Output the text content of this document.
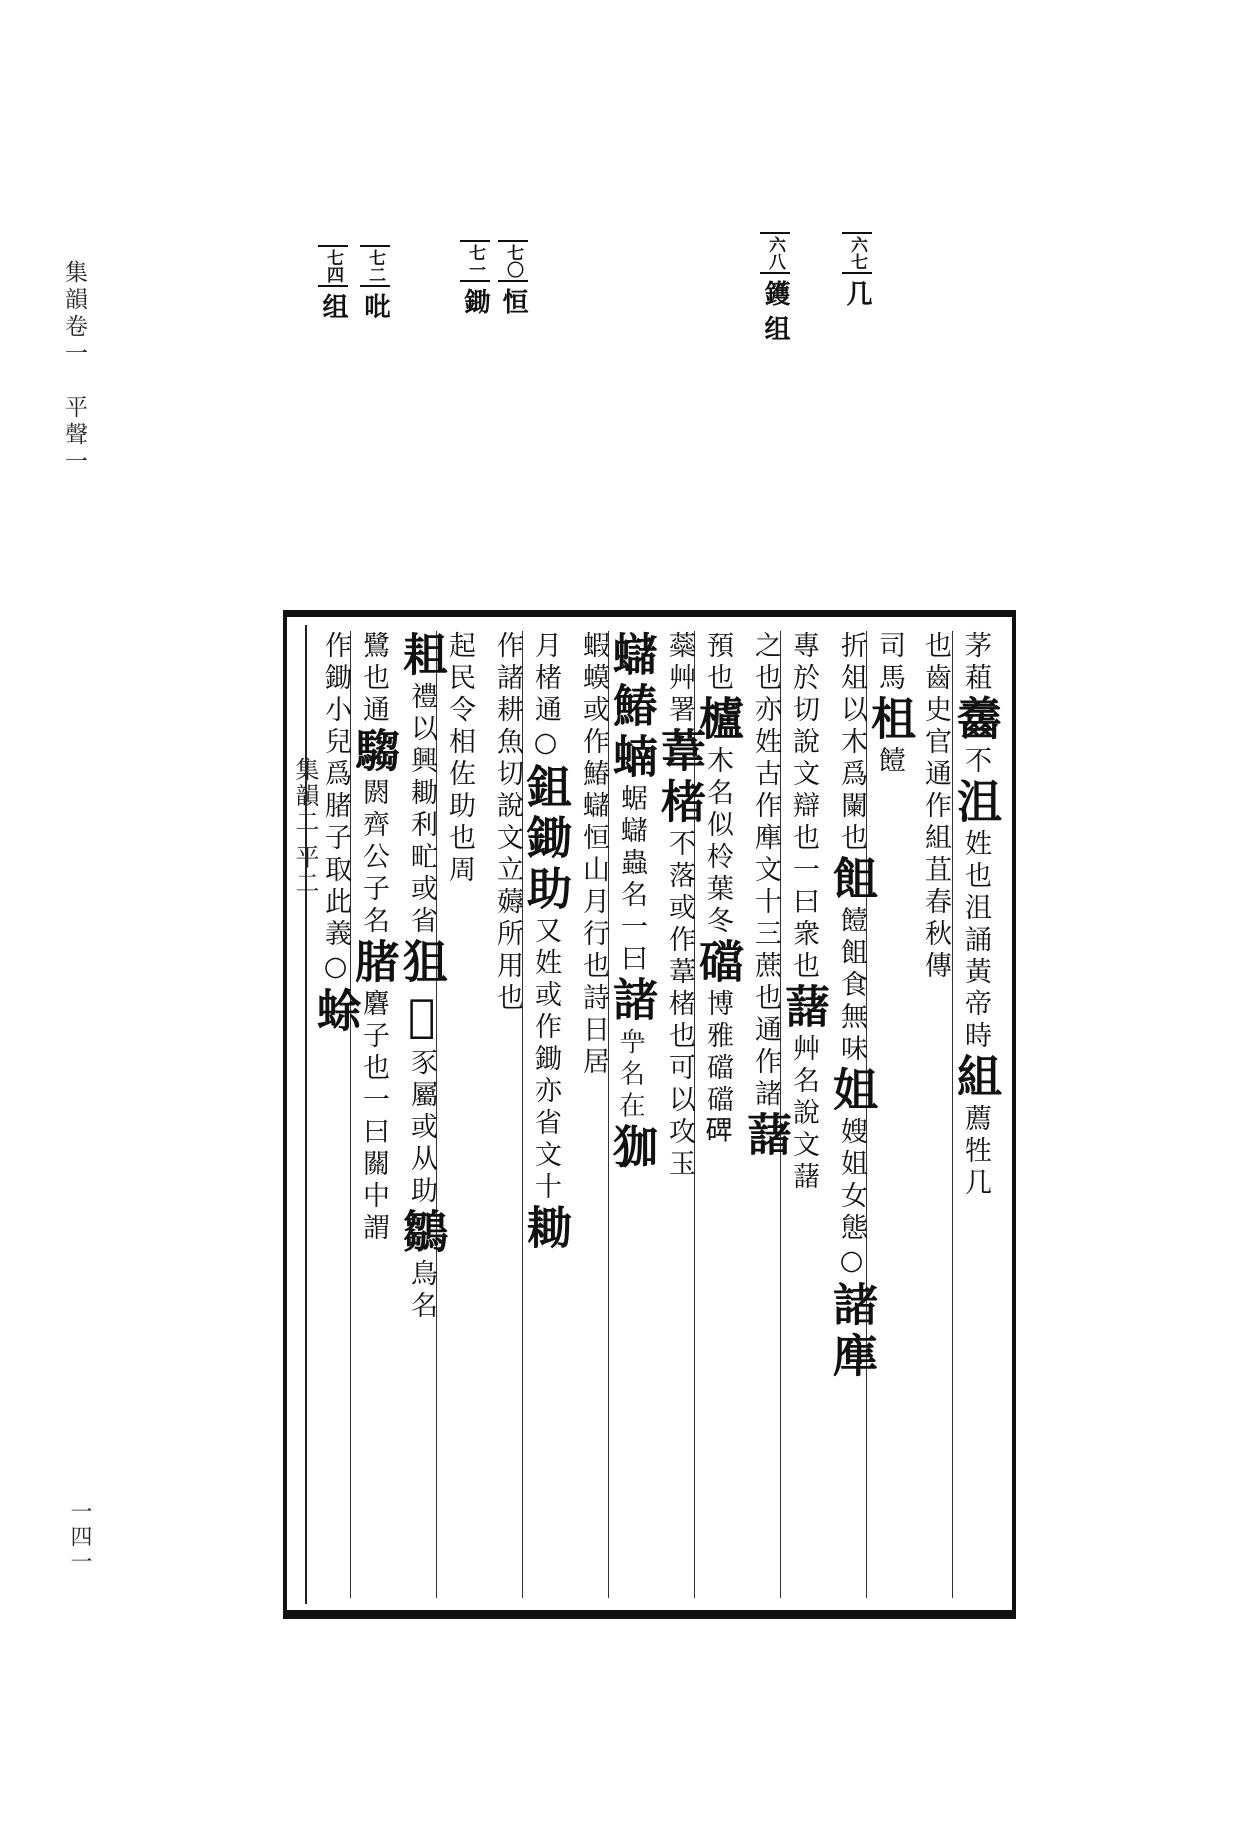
集韻卷一　平聲一
一四一
六七几
六八鑊 组
七〇恒
七一鋤
七二吡
七四组
集韻二 平二
茅蒩齹不沮姓也沮誦黃帝時組薦牲几
也齒史官通作組苴春秋傳
司馬柤饐
折俎以木爲闌也飷饐飷食無味姐嫂姐女態○諸㢑
專於切說文辯也一曰衆也藷艸名說文藷
之也亦姓古作㢑文十三蔗也通作諸藷
預也櫨木名似柃葉冬礑博雅礑礑𥓓
蘂艸署葦楮不落或作葦楮也可以攻玉
蠩鰆蝻蜛蠩蟲名一曰諸𧖧名在㹢
蝦蟆或作鰆蠩恒山月行也詩日居
月楮通○鉏鋤助又姓或作鋤亦省文十耡
作諸耕魚切說文立薅所用也
起民令相佐助也周
耝禮以興耡利甿或省狙𧴨豕屬或从助鶵鳥名
鷺也通騶閼齊公子名䐗麏子也一曰關中謂
作鋤小兒爲䐗子取此義○蜍
